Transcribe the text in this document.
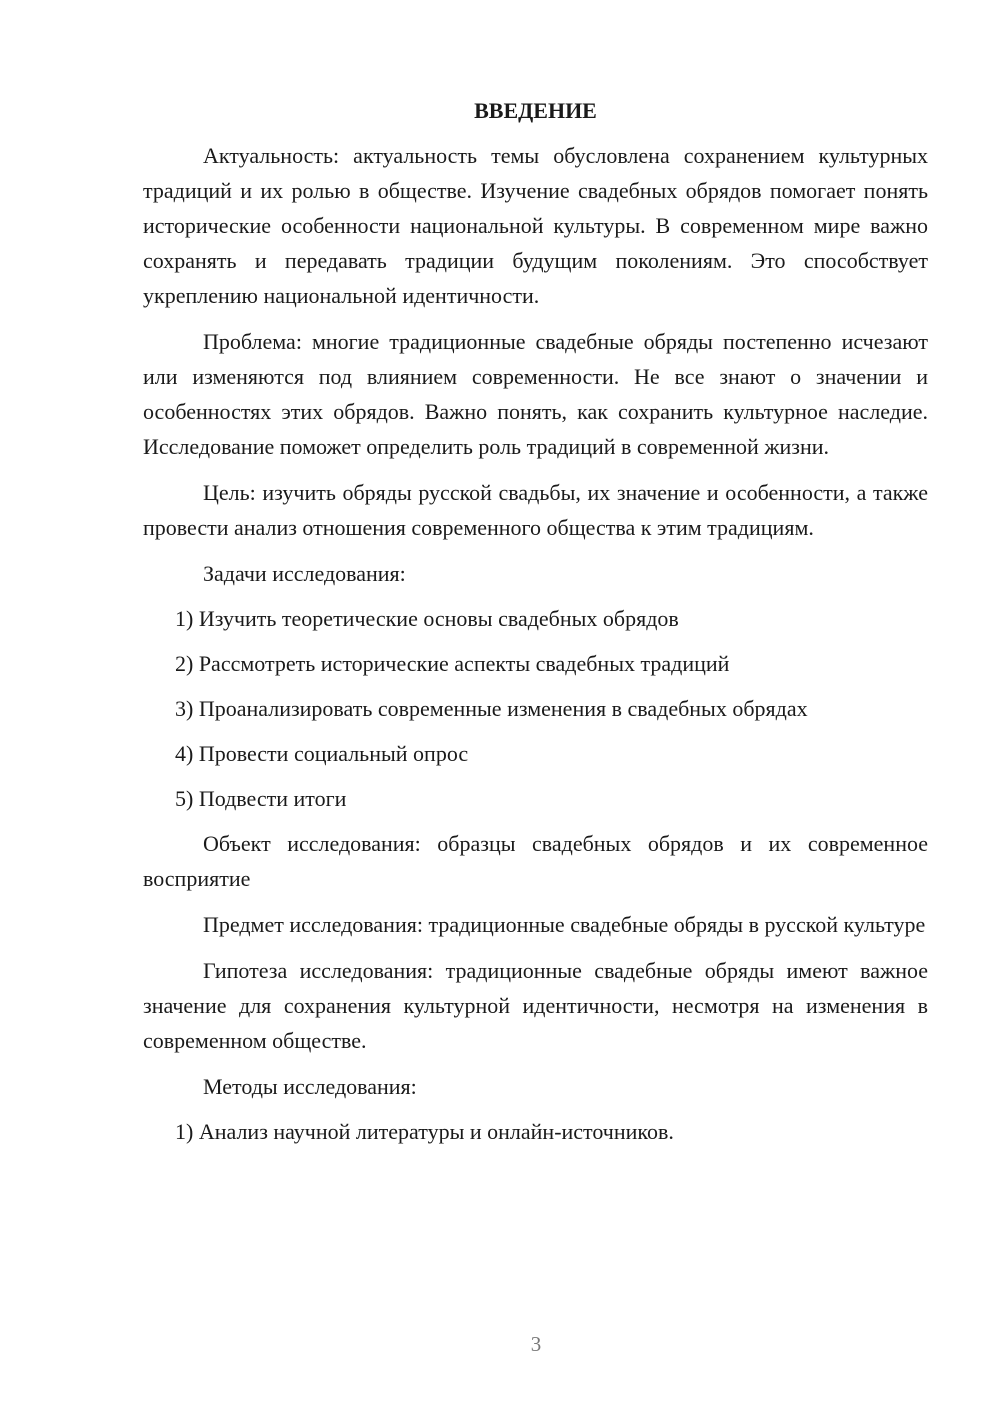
ВВЕДЕНИЕ

Актуальность: актуальность темы обусловлена сохранением культурных традиций и их ролью в обществе. Изучение свадебных обрядов помогает понять исторические особенности национальной культуры. В современном мире важно сохранять и передавать традиции будущим поколениям. Это способствует укреплению национальной идентичности.

Проблема: многие традиционные свадебные обряды постепенно исчезают или изменяются под влиянием современности. Не все знают о значении и особенностях этих обрядов. Важно понять, как сохранить культурное наследие. Исследование поможет определить роль традиций в современной жизни.

Цель: изучить обряды русской свадьбы, их значение и особенности, а также провести анализ отношения современного общества к этим традициям.

Задачи исследования:

1) Изучить теоретические основы свадебных обрядов
2) Рассмотреть исторические аспекты свадебных традиций
3) Проанализировать современные изменения в свадебных обрядах
4) Провести социальный опрос
5) Подвести итоги

Объект исследования: образцы свадебных обрядов и их современное восприятие

Предмет исследования: традиционные свадебные обряды в русской культуре

Гипотеза исследования: традиционные свадебные обряды имеют важное значение для сохранения культурной идентичности, несмотря на изменения в современном обществе.

Методы исследования:

1) Анализ научной литературы и онлайн-источников.
3
